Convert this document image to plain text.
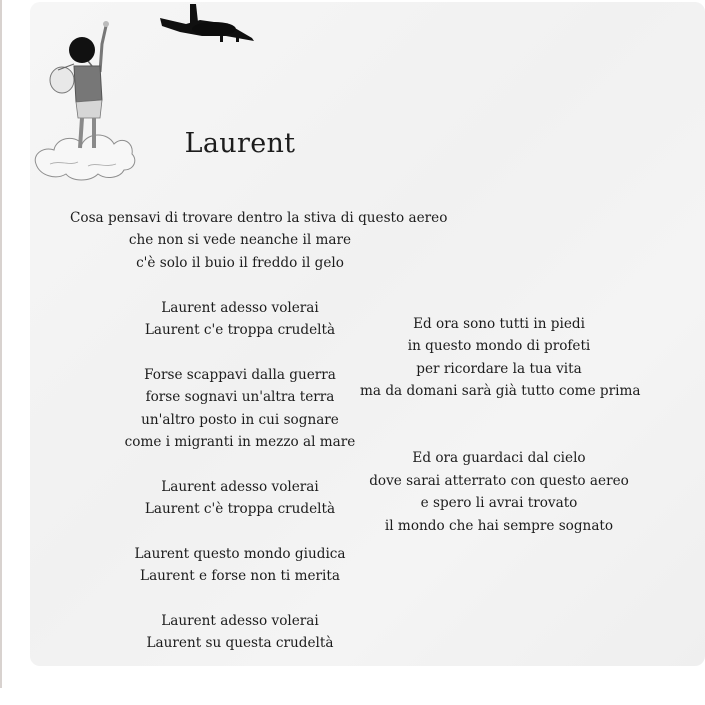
Laurent
Cosa pensavi di trovare dentro la stiva di questo aereo
che non si vede neanche il mare
c'è solo il buio il freddo il gelo
Laurent adesso volerai
Laurent c'e troppa crudeltà
Forse scappavi dalla guerra
forse sognavi un'altra terra
un'altro posto in cui sognare
come i migranti in mezzo al mare
Laurent adesso volerai
Laurent c'è troppa crudeltà
Laurent questo mondo giudica
Laurent e forse non ti merita
Laurent adesso volerai
Laurent su questa crudeltà
Ed ora sono tutti in piedi
in questo mondo di profeti
per ricordare la tua vita
ma da domani sarà già tutto come prima
Ed ora guardaci dal cielo
dove sarai atterrato con questo aereo
e spero li avrai trovato
il mondo che hai sempre sognato
